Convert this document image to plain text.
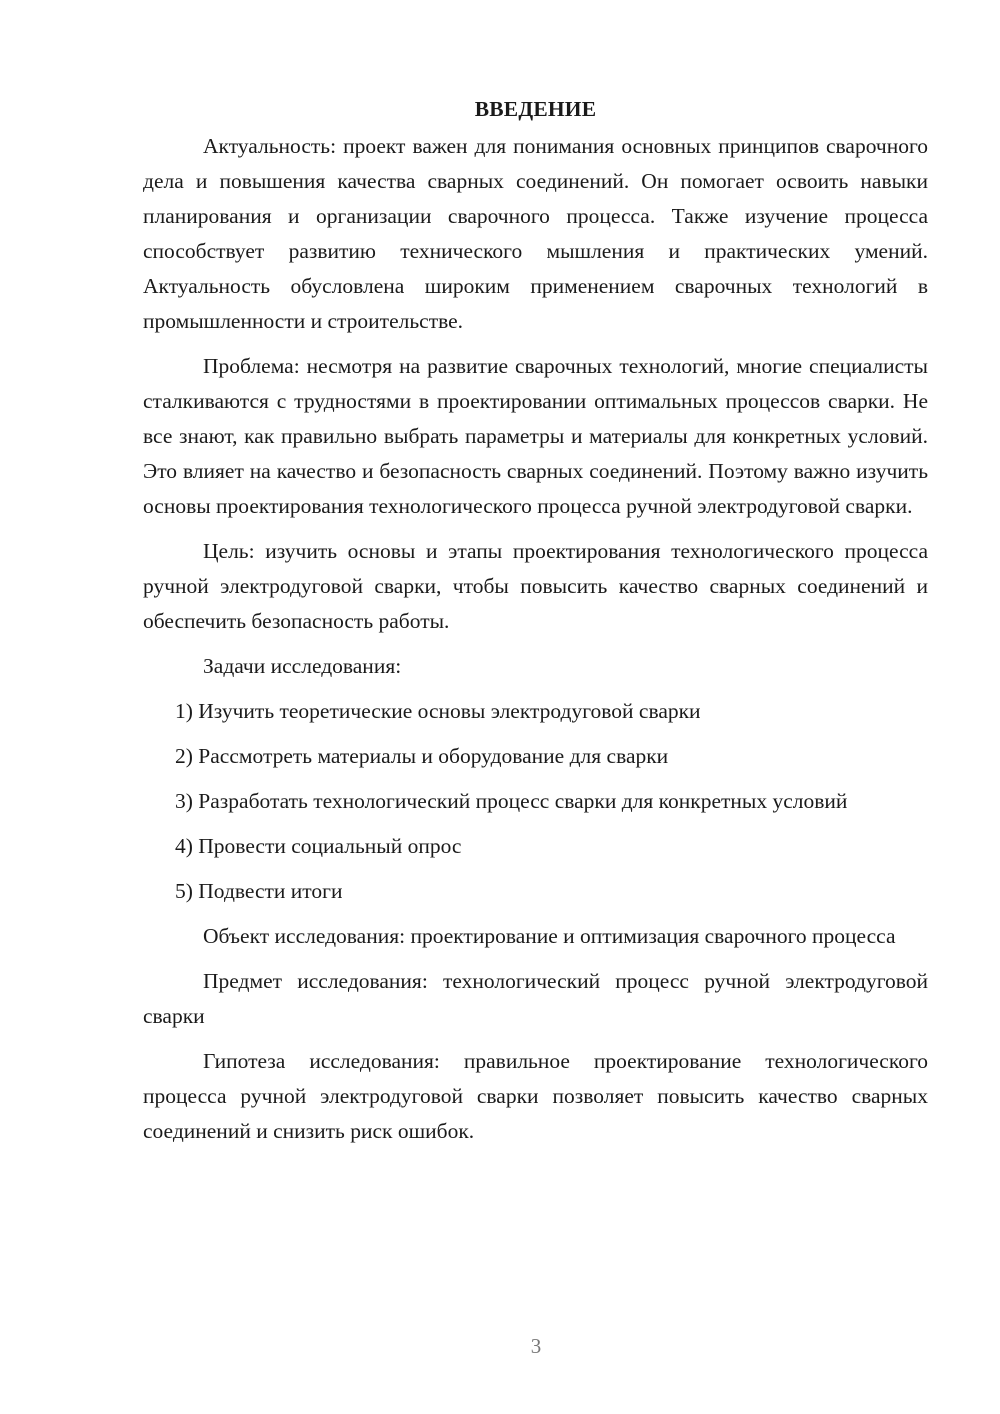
ВВЕДЕНИЕ

Актуальность: проект важен для понимания основных принципов сварочного дела и повышения качества сварных соединений. Он помогает освоить навыки планирования и организации сварочного процесса. Также изучение процесса способствует развитию технического мышления и практических умений. Актуальность обусловлена широким применением сварочных технологий в промышленности и строительстве.

Проблема: несмотря на развитие сварочных технологий, многие специалисты сталкиваются с трудностями в проектировании оптимальных процессов сварки. Не все знают, как правильно выбрать параметры и материалы для конкретных условий. Это влияет на качество и безопасность сварных соединений. Поэтому важно изучить основы проектирования технологического процесса ручной электродуговой сварки.

Цель: изучить основы и этапы проектирования технологического процесса ручной электродуговой сварки, чтобы повысить качество сварных соединений и обеспечить безопасность работы.

Задачи исследования:

1) Изучить теоретические основы электродуговой сварки

2) Рассмотреть материалы и оборудование для сварки

3) Разработать технологический процесс сварки для конкретных условий

4) Провести социальный опрос

5) Подвести итоги

Объект исследования: проектирование и оптимизация сварочного процесса

Предмет исследования: технологический процесс ручной электродуговой сварки

Гипотеза исследования: правильное проектирование технологического процесса ручной электродуговой сварки позволяет повысить качество сварных соединений и снизить риск ошибок.

3
